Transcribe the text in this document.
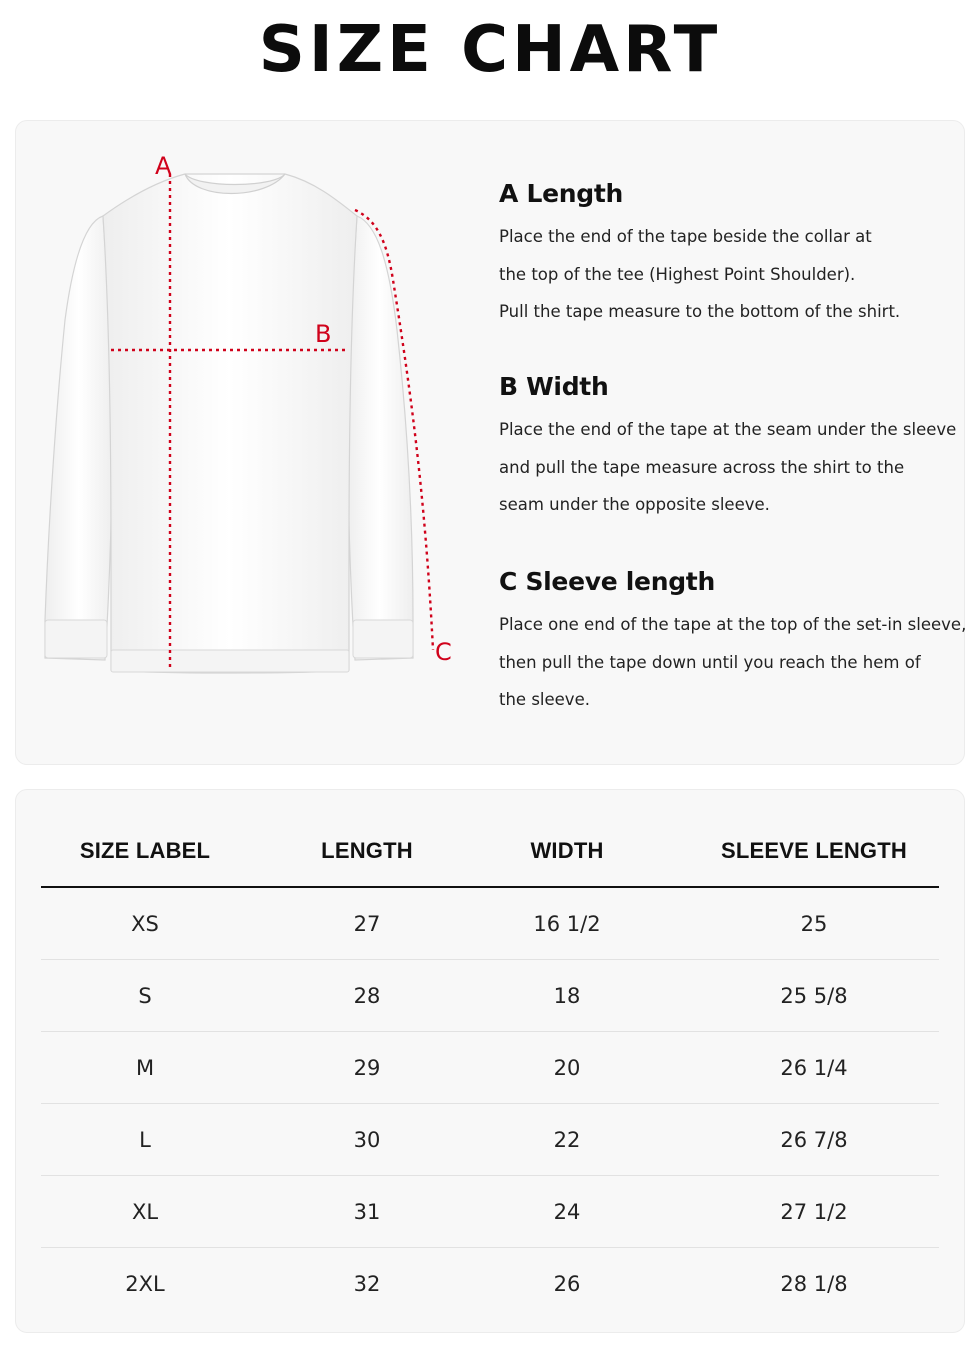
SIZE CHART
A
B
C
A Length
Place the end of the tape beside the collar at
the top of the tee (Highest Point Shoulder).
Pull the tape measure to the bottom of the shirt.
B Width
Place the end of the tape at the seam under the sleeve
and pull the tape measure across the shirt to the
seam under the opposite sleeve.
C Sleeve length
Place one end of the tape at the top of the set-in sleeve,
then pull the tape down until you reach the hem of
the sleeve.
SIZE LABEL	LENGTH	WIDTH	SLEEVE LENGTH
XS	27	16 1/2	25
S	28	18	25 5/8
M	29	20	26 1/4
L	30	22	26 7/8
XL	31	24	27 1/2
2XL	32	26	28 1/8
